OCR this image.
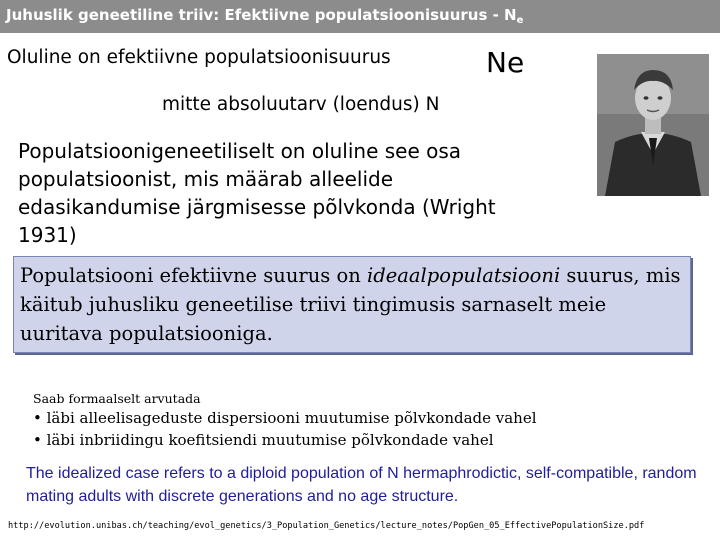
Juhuslik geneetiline triiv: Efektiivne populatsioonisuurus - $N_e$
Oluline on efektiivne populatsioonisuurus	Ne
mitte absoluutarv (loendus) N
Populatsioonigeneetiliselt on oluline see osa populatsioonist, mis määrab alleelide edasikandumise järgmisesse põlvkonda (Wright 1931)
Populatsiooni efektiivne suurus on ideaalpopulatsiooni suurus, mis käitub juhusliku geneetilise triivi tingimusis sarnaselt meie uuritava populatsiooniga.
Saab formaalselt arvutada
• läbi alleelisageduste dispersiooni muutumise põlvkondade vahel
• läbi inbriidingu koefitsiendi muutumise põlvkondade vahel
The idealized case refers to a diploid population of N hermaphrodictic, self-compatible, random mating adults with discrete generations and no age structure.
http://evolution.unibas.ch/teaching/evol_genetics/3_Population_Genetics/lecture_notes/PopGen_05_EffectivePopulationSize.pdf
